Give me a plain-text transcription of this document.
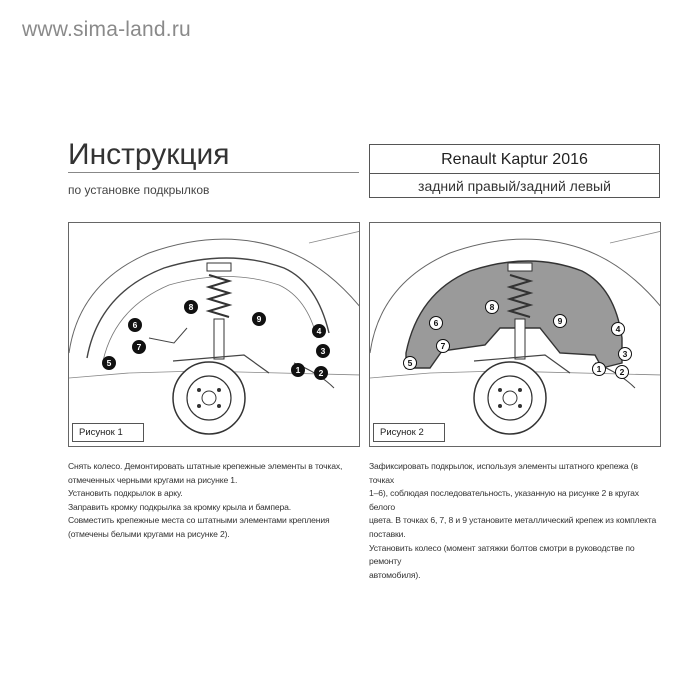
www.sima-land.ru
Инструкция
по установке подкрылков
Renault Kaptur 2016
задний правый/задний левый
1 2
3
4
5
6
7
8
9
1 2
3
4
5
6
7
8
9
Рисунок 1	Рисунок 2

Снять колесо. Демонтировать штатные крепежные элементы в точках,

отмеченных черными кругами на рисунке 1.

Установить подкрылок в арку.

Заправить кромку подкрылка за кромку крыла и бампера.

Совместить крепежные места со штатными элементами крепления

(отмечены белыми кругами на рисунке 2).

Зафиксировать подкрылок, используя элементы штатного крепежа (в точках

1–6), соблюдая последовательность, указанную на рисунке 2 в кругах белого

цвета. В точках 6, 7, 8 и 9 установите металлический крепеж из комплекта

поставки.

Установить колесо (момент затяжки болтов смотри в руководстве по ремонту

автомобиля).
